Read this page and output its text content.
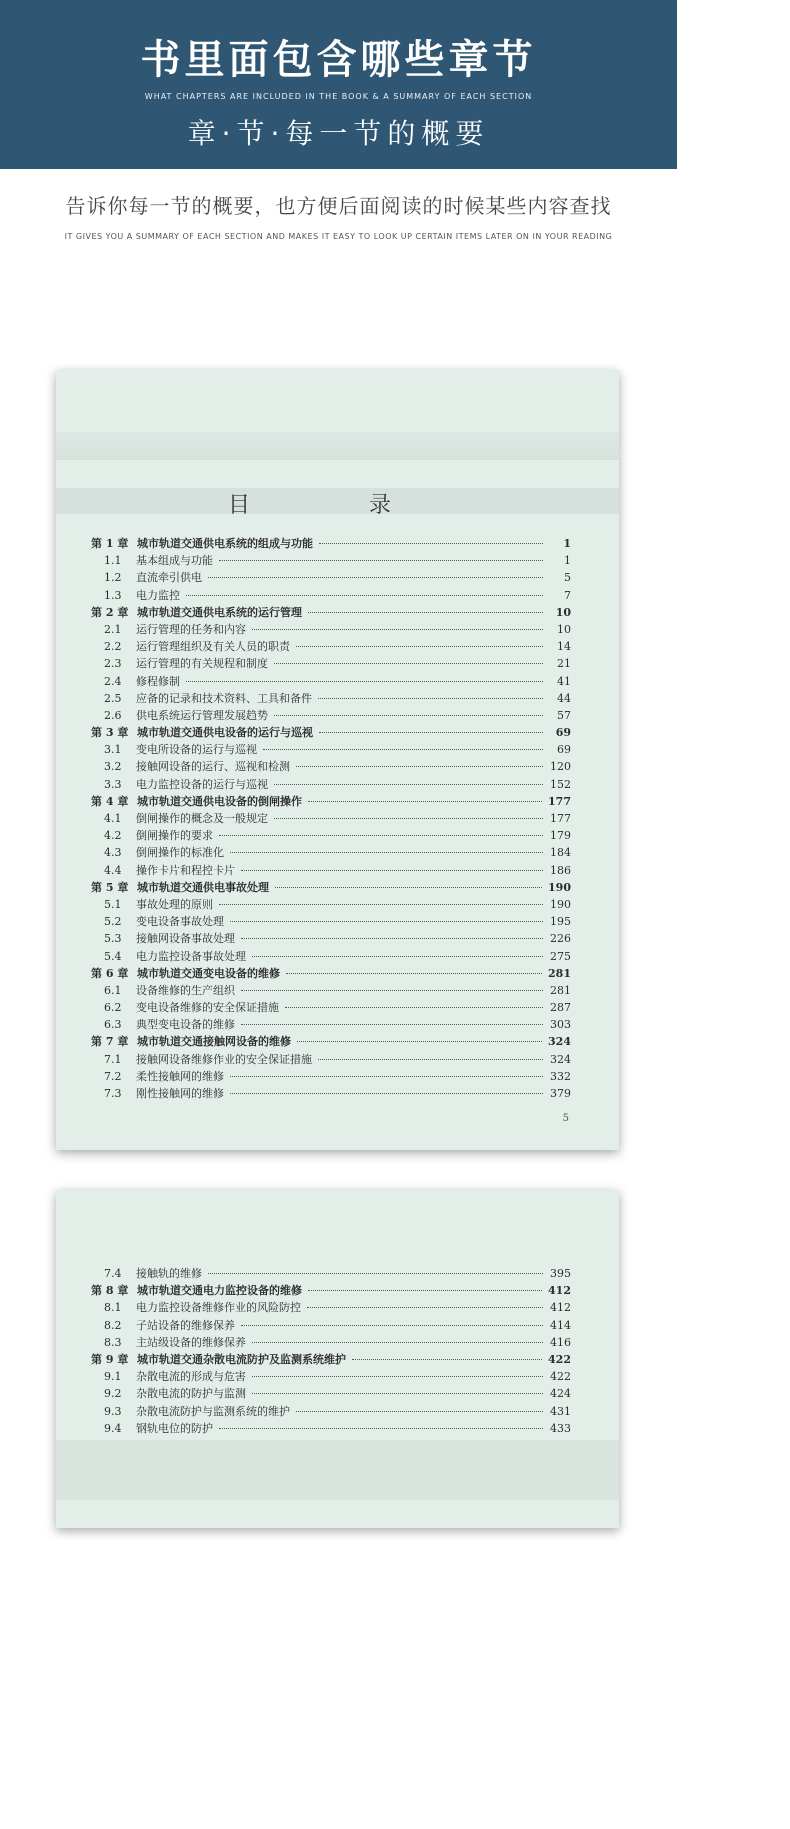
书里面包含哪些章节
WHAT CHAPTERS ARE INCLUDED IN THE BOOK & A SUMMARY OF EACH SECTION
章·节·每一节的概要
告诉你每一节的概要，也方便后面阅读的时候某些内容查找
IT GIVES YOU A SUMMARY OF EACH SECTION AND MAKES IT EASY TO LOOK UP CERTAIN ITEMS LATER ON IN YOUR READING
目 录
第 1 章 城市轨道交通供电系统的组成与功能	1
1.1	基本组成与功能	1
1.2	直流牵引供电	5
1.3	电力监控	7
第 2 章 城市轨道交通供电系统的运行管理	10
2.1	运行管理的任务和内容	10
2.2	运行管理组织及有关人员的职责	14
2.3	运行管理的有关规程和制度	21
2.4	修程修制	41
2.5	应备的记录和技术资料、工具和备件	44
2.6	供电系统运行管理发展趋势	57
第 3 章 城市轨道交通供电设备的运行与巡视	69
3.1	变电所设备的运行与巡视	69
3.2	接触网设备的运行、巡视和检测	120
3.3	电力监控设备的运行与巡视	152
第 4 章 城市轨道交通供电设备的倒闸操作	177
4.1	倒闸操作的概念及一般规定	177
4.2	倒闸操作的要求	179
4.3	倒闸操作的标准化	184
4.4	操作卡片和程控卡片	186
第 5 章 城市轨道交通供电事故处理	190
5.1	事故处理的原则	190
5.2	变电设备事故处理	195
5.3	接触网设备事故处理	226
5.4	电力监控设备事故处理	275
第 6 章 城市轨道交通变电设备的维修	281
6.1	设备维修的生产组织	281
6.2	变电设备维修的安全保证措施	287
6.3	典型变电设备的维修	303
第 7 章 城市轨道交通接触网设备的维修	324
7.1	接触网设备维修作业的安全保证措施	324
7.2	柔性接触网的维修	332
7.3	刚性接触网的维修	379
5
7.4	接触轨的维修	395
第 8 章 城市轨道交通电力监控设备的维修	412
8.1	电力监控设备维修作业的风险防控	412
8.2	子站设备的维修保养	414
8.3	主站级设备的维修保养	416
第 9 章 城市轨道交通杂散电流防护及监测系统维护	422
9.1	杂散电流的形成与危害	422
9.2	杂散电流的防护与监测	424
9.3	杂散电流防护与监测系统的维护	431
9.4	钢轨电位的防护	433
